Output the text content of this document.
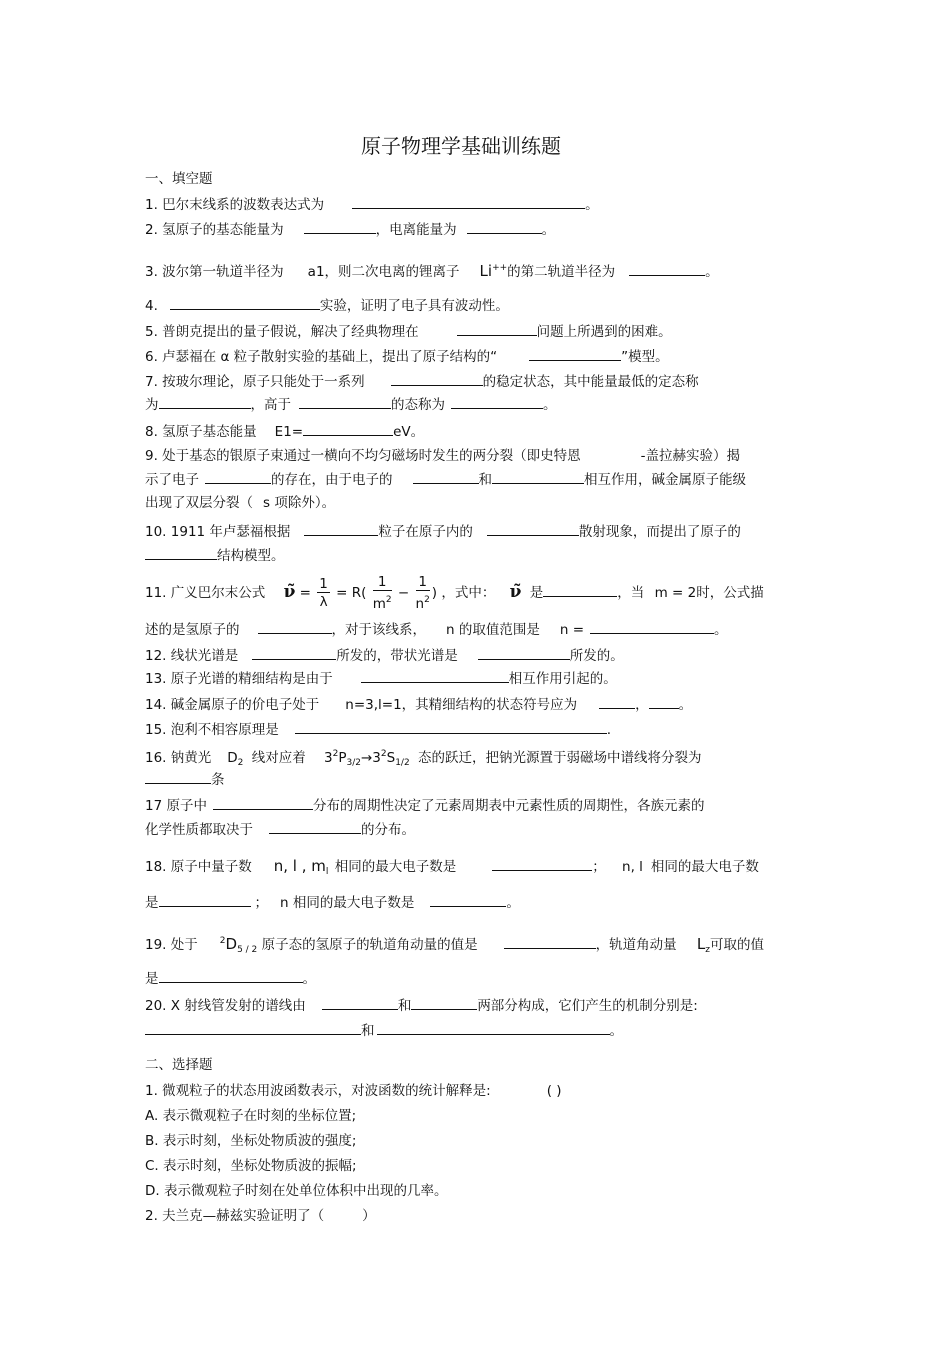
原子物理学基础训练题
一、填空题
1. 巴尔末线系的波数表达式为	。
2. 氢原子的基态能量为	，电离能量为	。
3. 波尔第一轨道半径为 a1，则二次电离的锂离子 Li++的第二轨道半径为	。
4.	实验，证明了电子具有波动性。
5. 普朗克提出的量子假说，解决了经典物理在	问题上所遇到的困难。
6. 卢瑟福在 α 粒子散射实验的基础上，提出了原子结构的“	”模型。
7. 按玻尔理论，原子只能处于一系列	的稳定状态，其中能量最低的定态称
为	，高于	的态称为	。
8. 氢原子基态能量 E1=	eV。
9. 处于基态的银原子束通过一横向不均匀磁场时发生的两分裂（即史特恩	-盖拉赫实验）揭
示了电子	的存在，由于电子的	和	相互作用，碱金属原子能级
出现了双层分裂（ s 项除外）。
10. 1911 年卢瑟福根据	粒子在原子内的	散射现象，而提出了原子的
结构模型。
11. 广义巴尔末公式 ν̃ = $\frac{1}{\lambda} = R( \frac{1}{m^2} - \frac{1}{n^2}$ ) ，式中： ν̃ 是	，当 m = 2时，公式描
述的是氢原子的	，对于该线系， n 的取值范围是 n =	。
12. 线状光谱是	所发的，带状光谱是	所发的。
13. 原子光谱的精细结构是由于	相互作用引起的。
14. 碱金属原子的价电子处于 n=3,l=1，其精细结构的状态符号应为	， 。
15. 泡利不相容原理是	.
16. 钠黄光 $D_2$ 线对应着 $3^2P_{3/2}\to 3^2S_{1/2}$ 态的跃迁，把钠光源置于弱磁场中谱线将分裂为
条
17 原子中	分布的周期性决定了元素周期表中元素性质的周期性，各族元素的
化学性质都取决于	的分布。
18. 原子中量子数 n, l , $m_l$ 相同的最大电子数是	； n, l 相同的最大电子数
是	； n 相同的最大电子数是	。
19. 处于 $^2D_{5 / 2}$ 原子态的氢原子的轨道角动量的值是	，轨道角动量 $L_z$可取的值
是	。
20. X 射线管发射的谱线由	和	两部分构成，它们产生的机制分别是:
和	。
二、选择题
1. 微观粒子的状态用波函数表示，对波函数的统计解释是:	( )
A. 表示微观粒子在时刻的坐标位置;
B. 表示时刻，坐标处物质波的强度;
C. 表示时刻，坐标处物质波的振幅;
D. 表示微观粒子时刻在处单位体积中出现的几率。
2. 夫兰克—赫兹实验证明了（	）
